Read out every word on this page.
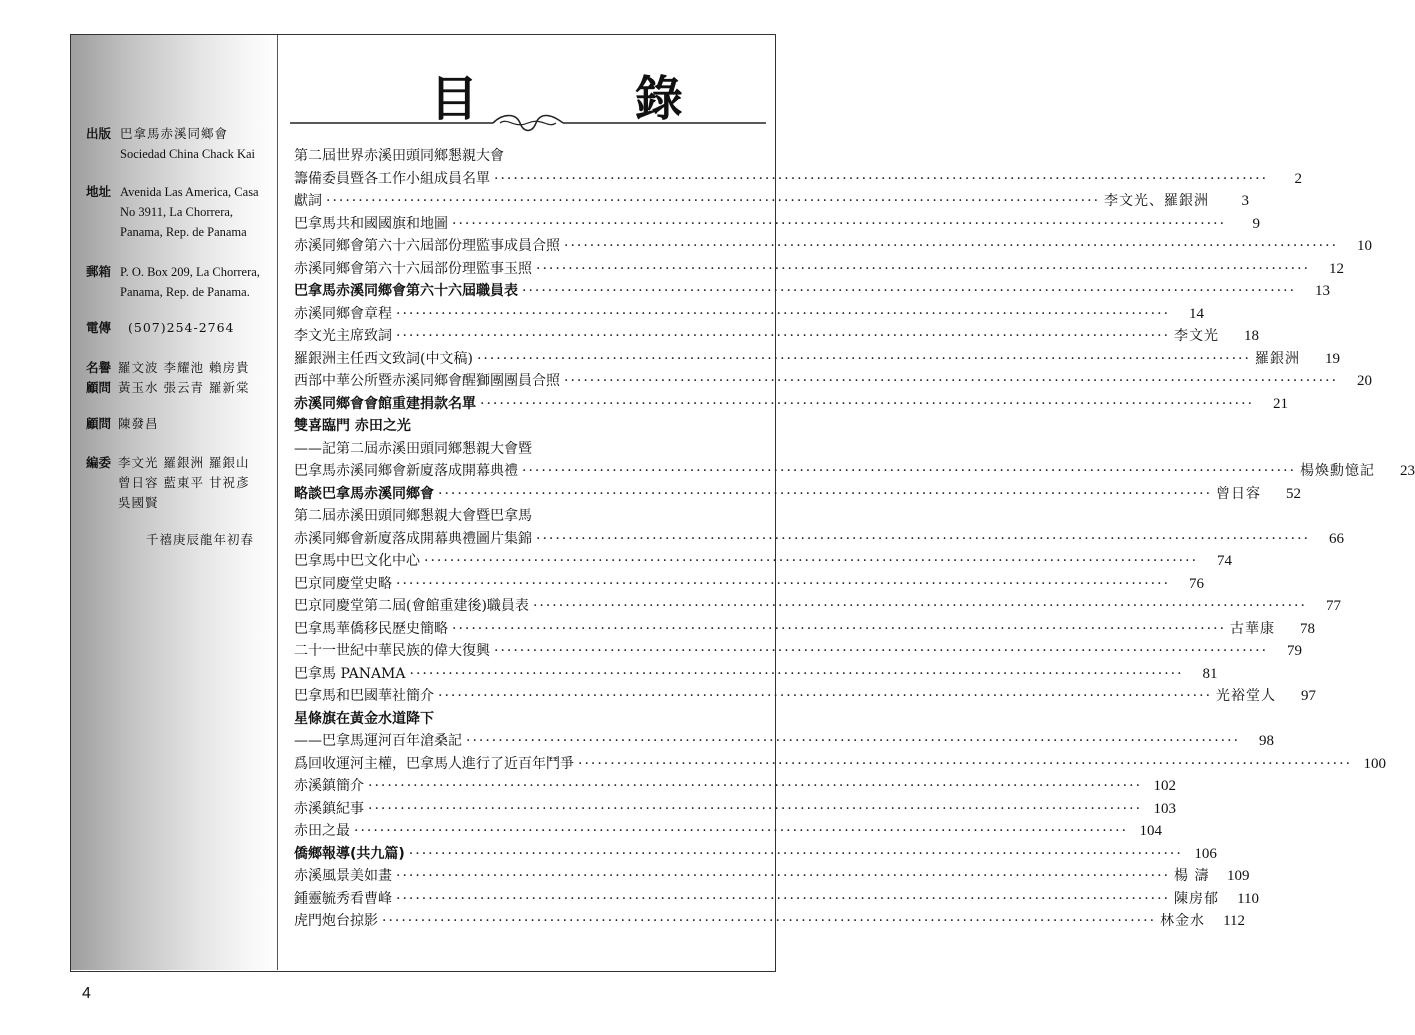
出版 巴拿馬赤溪同鄉會
Sociedad China Chack Kai
地址 Avenida Las America, Casa
No 3911, La Chorrera,
Panama, Rep. de Panama
郵箱 P. O. Box 209, La Chorrera,
Panama, Rep. de Panama.
電傳	(507)254-2764
名譽 羅文波 李耀池 賴房貴
顧問 黃玉水 張云青 羅新棠
顧問 陳發昌
編委 李文光 羅銀洲 羅銀山
曾日容 藍東平 甘祝彥
吳國賢
千禧庚辰龍年初春
目 錄
第二屆世界赤溪田頭同鄉懇親大會
籌備委員暨各工作小組成員名單 ························································································································	2
獻詞 ························································································································ 李文光、羅銀洲	3
巴拿馬共和國國旗和地圖 ························································································································	9
赤溪同鄉會第六十六屆部份理監事成員合照 ························································································································	10
赤溪同鄉會第六十六屆部份理監事玉照 ························································································································	12
巴拿馬赤溪同鄉會第六十六屆職員表 ························································································································	13
赤溪同鄉會章程 ························································································································	14
李文光主席致詞 ························································································································ 李文光	18
羅銀洲主任西文致詞(中文稿) ························································································································ 羅銀洲	19
西部中華公所暨赤溪同鄉會醒獅團團員合照 ························································································································	20
赤溪同鄉會會館重建捐款名單 ························································································································	21
雙喜臨門 赤田之光
——記第二屆赤溪田頭同鄉懇親大會暨
巴拿馬赤溪同鄉會新廈落成開幕典禮 ························································································································ 楊煥勳憶記	23
略談巴拿馬赤溪同鄉會 ························································································································ 曾日容	52
第二屆赤溪田頭同鄉懇親大會暨巴拿馬
赤溪同鄉會新廈落成開幕典禮圖片集錦 ························································································································	66
巴拿馬中巴文化中心 ························································································································	74
巴京同慶堂史略 ························································································································	76
巴京同慶堂第二屆(會館重建後)職員表 ························································································································	77
巴拿馬華僑移民歷史簡略 ························································································································ 古華康	78
二十一世紀中華民族的偉大復興 ························································································································	79
巴拿馬 PANAMA ························································································································	81
巴拿馬和巴國華社簡介 ························································································································ 光裕堂人	97
星條旗在黃金水道降下
——巴拿馬運河百年滄桑記 ························································································································	98
爲回收運河主權，巴拿馬人進行了近百年鬥爭 ························································································································ 100
赤溪鎮簡介 ························································································································ 102
赤溪鎮紀事 ························································································································ 103
赤田之最 ························································································································ 104
僑鄉報導(共九篇) ························································································································ 106
赤溪風景美如畫 ························································································································ 楊 濤	109
鍾靈毓秀看曹峰 ························································································································ 陳房郁	110
虎門炮台掠影 ························································································································ 林金水	112
4
